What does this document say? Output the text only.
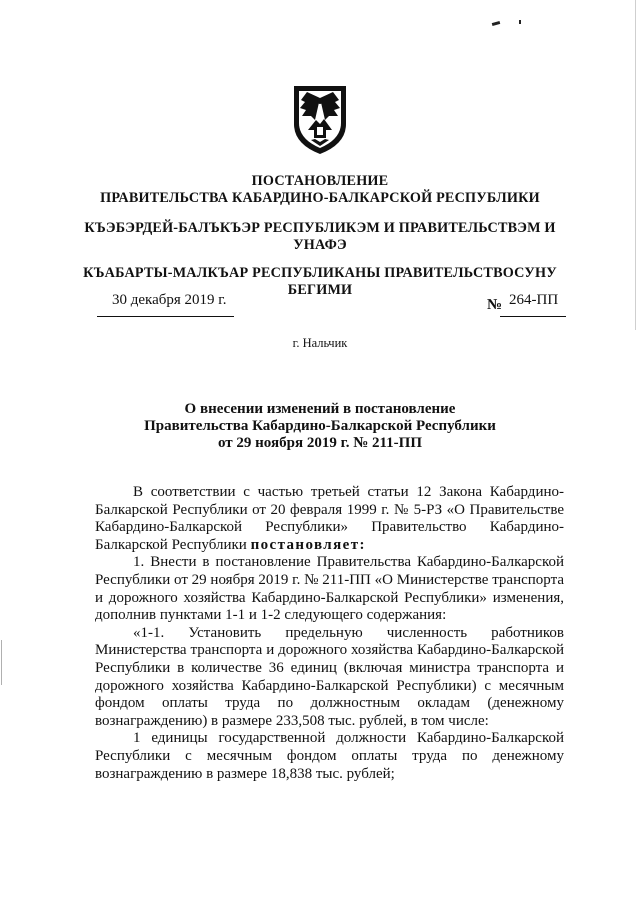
ПОСТАНОВЛЕНИЕ
ПРАВИТЕЛЬСТВА КАБАРДИНО-БАЛКАРСКОЙ РЕСПУБЛИКИ
КЪЭБЭРДЕЙ-БАЛЪКЪЭР РЕСПУБЛИКЭМ И ПРАВИТЕЛЬСТВЭМ И
УНАФЭ
КЪАБАРТЫ-МАЛКЪАР РЕСПУБЛИКАНЫ ПРАВИТЕЛЬСТВОСУНУ
БЕГИМИ
30 декабря 2019 г.	№ 264-ПП
г. Нальчик
О внесении изменений в постановление
Правительства Кабардино-Балкарской Республики
от 29 ноября 2019 г. № 211-ПП

В соответствии с частью третьей статьи 12 Закона Кабардино-Балкарской Республики от 20 февраля 1999 г. № 5-РЗ «О Правительстве Кабардино-Балкарской Республики» Правительство Кабардино-Балкарской Республики постановляет:

1. Внести в постановление Правительства Кабардино-Балкарской Республики от 29 ноября 2019 г. № 211-ПП «О Министерстве транспорта и дорожного хозяйства Кабардино-Балкарской Республики» изменения, дополнив пунктами 1-1 и 1-2 следующего содержания:

«1-1. Установить предельную численность работников Министерства транспорта и дорожного хозяйства Кабардино-Балкарской Республики в количестве 36 единиц (включая министра транспорта и дорожного хозяйства Кабардино-Балкарской Республики) с месячным фондом оплаты труда по должностным окладам (денежному вознаграждению) в размере 233,508 тыс. рублей, в том числе:

1 единицы государственной должности Кабардино-Балкарской Республики с месячным фондом оплаты труда по денежному вознаграждению в размере 18,838 тыс. рублей;
